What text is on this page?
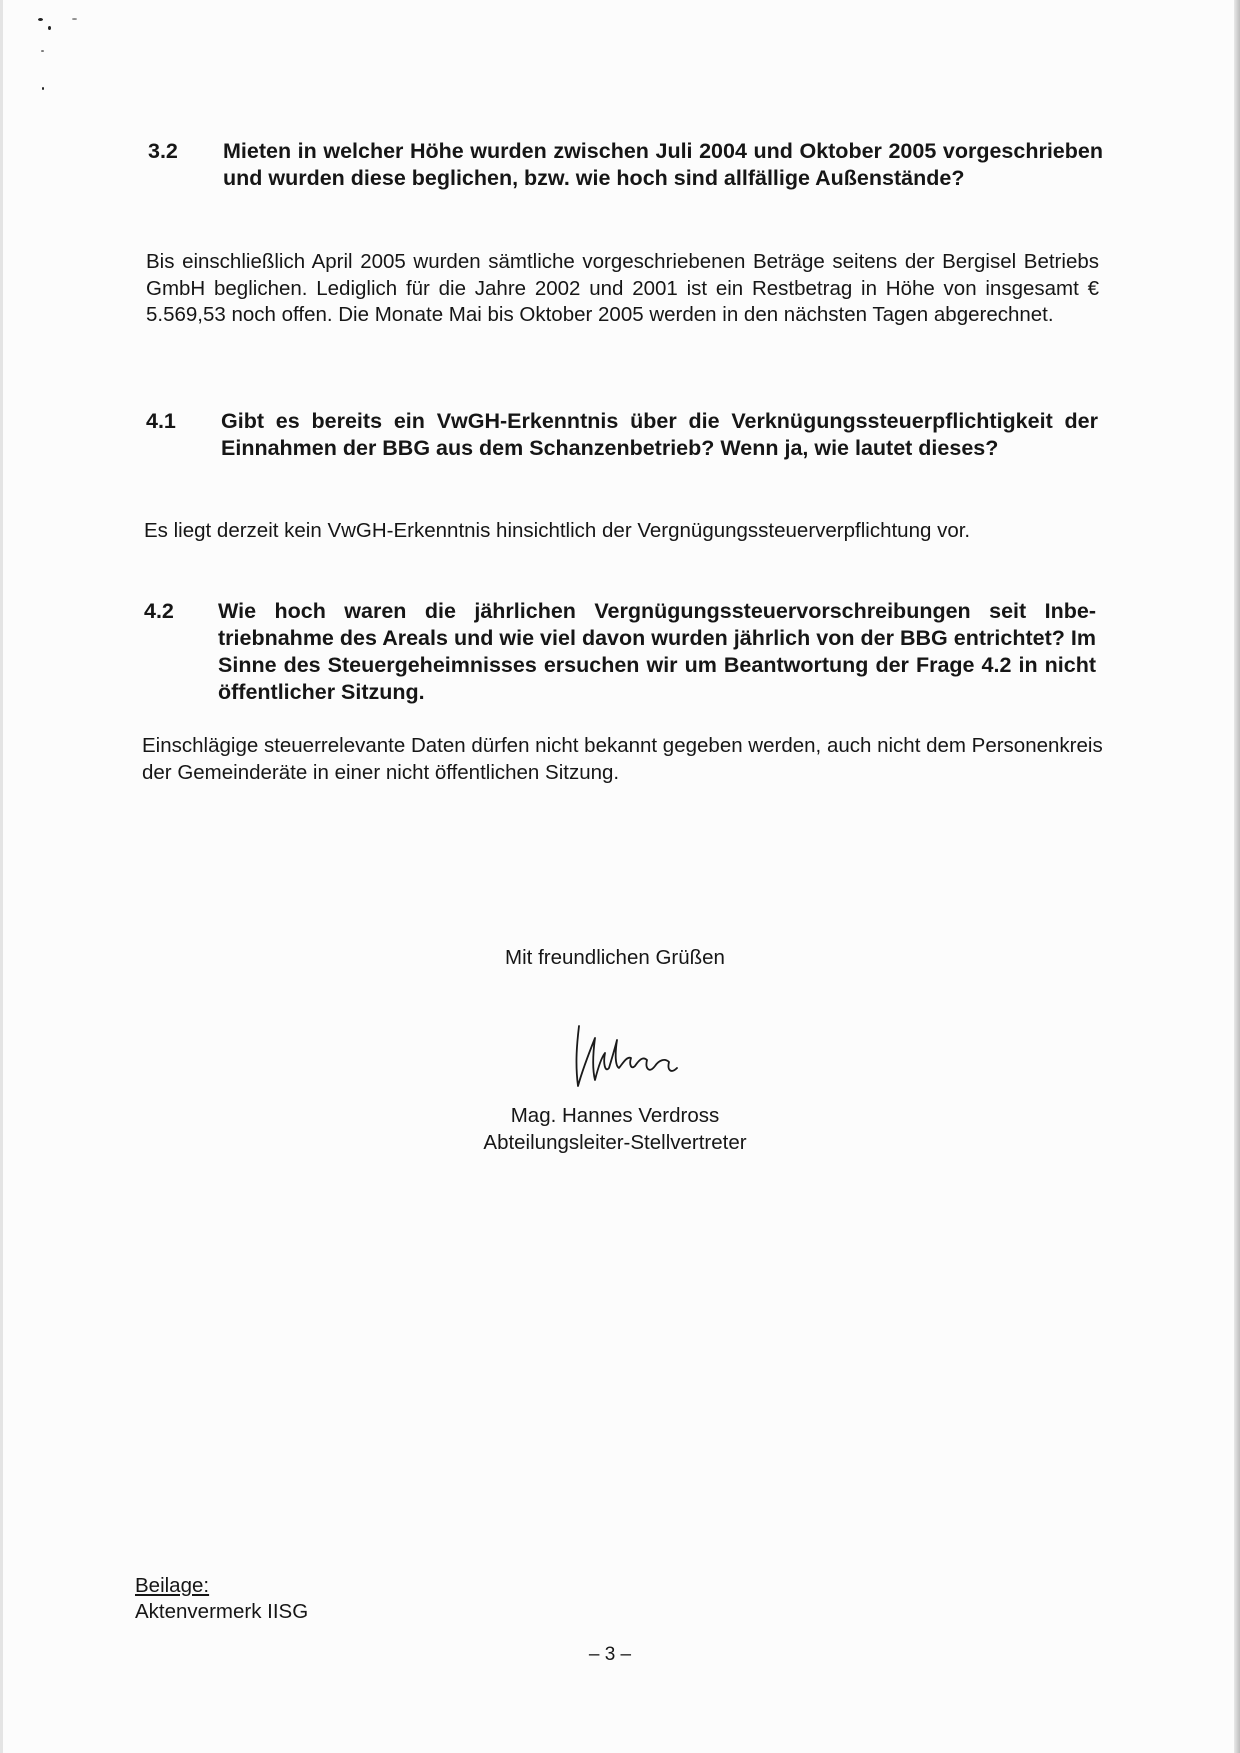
3.2 Mieten in welcher Höhe wurden zwischen Juli 2004 und Oktober 2005 vorgeschrieben und wurden diese beglichen, bzw. wie hoch sind allfällige Außenstände?
Bis einschließlich April 2005 wurden sämtliche vorgeschriebenen Beträge seitens der Bergisel Betriebs GmbH beglichen. Lediglich für die Jahre 2002 und 2001 ist ein Restbetrag in Höhe von insgesamt € 5.569,53 noch offen. Die Monate Mai bis Oktober 2005 werden in den nächsten Tagen abgerechnet.
4.1 Gibt es bereits ein VwGH-Erkenntnis über die Verknügungssteuerpflichtigkeit der Einnahmen der BBG aus dem Schanzenbetrieb? Wenn ja, wie lautet dieses?
Es liegt derzeit kein VwGH-Erkenntnis hinsichtlich der Vergnügungssteuerverpflichtung vor.
4.2 Wie hoch waren die jährlichen Vergnügungssteuervorschreibungen seit Inbetriebnahme des Areals und wie viel davon wurden jährlich von der BBG entrichtet? Im Sinne des Steuergeheimnisses ersuchen wir um Beantwortung der Frage 4.2 in nicht öffentlicher Sitzung.
Einschlägige steuerrelevante Daten dürfen nicht bekannt gegeben werden, auch nicht dem Personenkreis der Gemeinderäte in einer nicht öffentlichen Sitzung.
Mit freundlichen Grüßen
Mag. Hannes Verdross
Abteilungsleiter-Stellvertreter
Beilage:
Aktenvermerk IISG
– 3 –
